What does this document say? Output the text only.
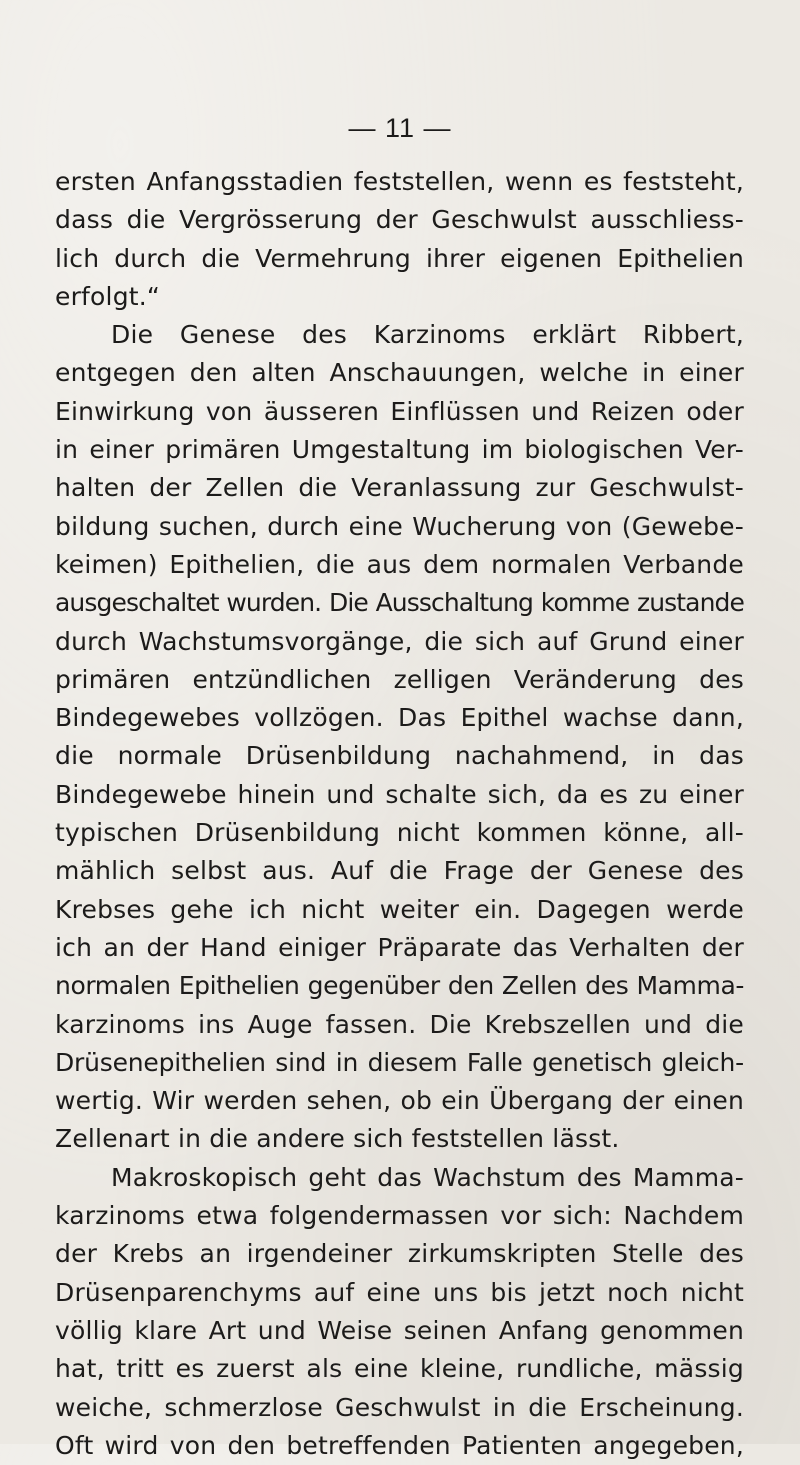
— 11 —
ersten Anfangsstadien feststellen, wenn es feststeht,
dass die Vergrösserung der Geschwulst ausschliess-
lich durch die Vermehrung ihrer eigenen Epithelien
erfolgt.“
Die Genese des Karzinoms erklärt Ribbert,
entgegen den alten Anschauungen, welche in einer
Einwirkung von äusseren Einflüssen und Reizen oder
in einer primären Umgestaltung im biologischen Ver-
halten der Zellen die Veranlassung zur Geschwulst-
bildung suchen, durch eine Wucherung von (Gewebe-
keimen) Epithelien, die aus dem normalen Verbande
ausgeschaltet wurden. Die Ausschaltung komme zustande
durch Wachstumsvorgänge, die sich auf Grund einer
primären entzündlichen zelligen Veränderung des
Bindegewebes vollzögen. Das Epithel wachse dann,
die normale Drüsenbildung nachahmend, in das
Bindegewebe hinein und schalte sich, da es zu einer
typischen Drüsenbildung nicht kommen könne, all-
mählich selbst aus. Auf die Frage der Genese des
Krebses gehe ich nicht weiter ein. Dagegen werde
ich an der Hand einiger Präparate das Verhalten der
normalen Epithelien gegenüber den Zellen des Mamma-
karzinoms ins Auge fassen. Die Krebszellen und die
Drüsenepithelien sind in diesem Falle genetisch gleich-
wertig. Wir werden sehen, ob ein Übergang der einen
Zellenart in die andere sich feststellen lässt.
Makroskopisch geht das Wachstum des Mamma-
karzinoms etwa folgendermassen vor sich: Nachdem
der Krebs an irgendeiner zirkumskripten Stelle des
Drüsenparenchyms auf eine uns bis jetzt noch nicht
völlig klare Art und Weise seinen Anfang genommen
hat, tritt es zuerst als eine kleine, rundliche, mässig
weiche, schmerzlose Geschwulst in die Erscheinung.
Oft wird von den betreffenden Patienten angegeben,
